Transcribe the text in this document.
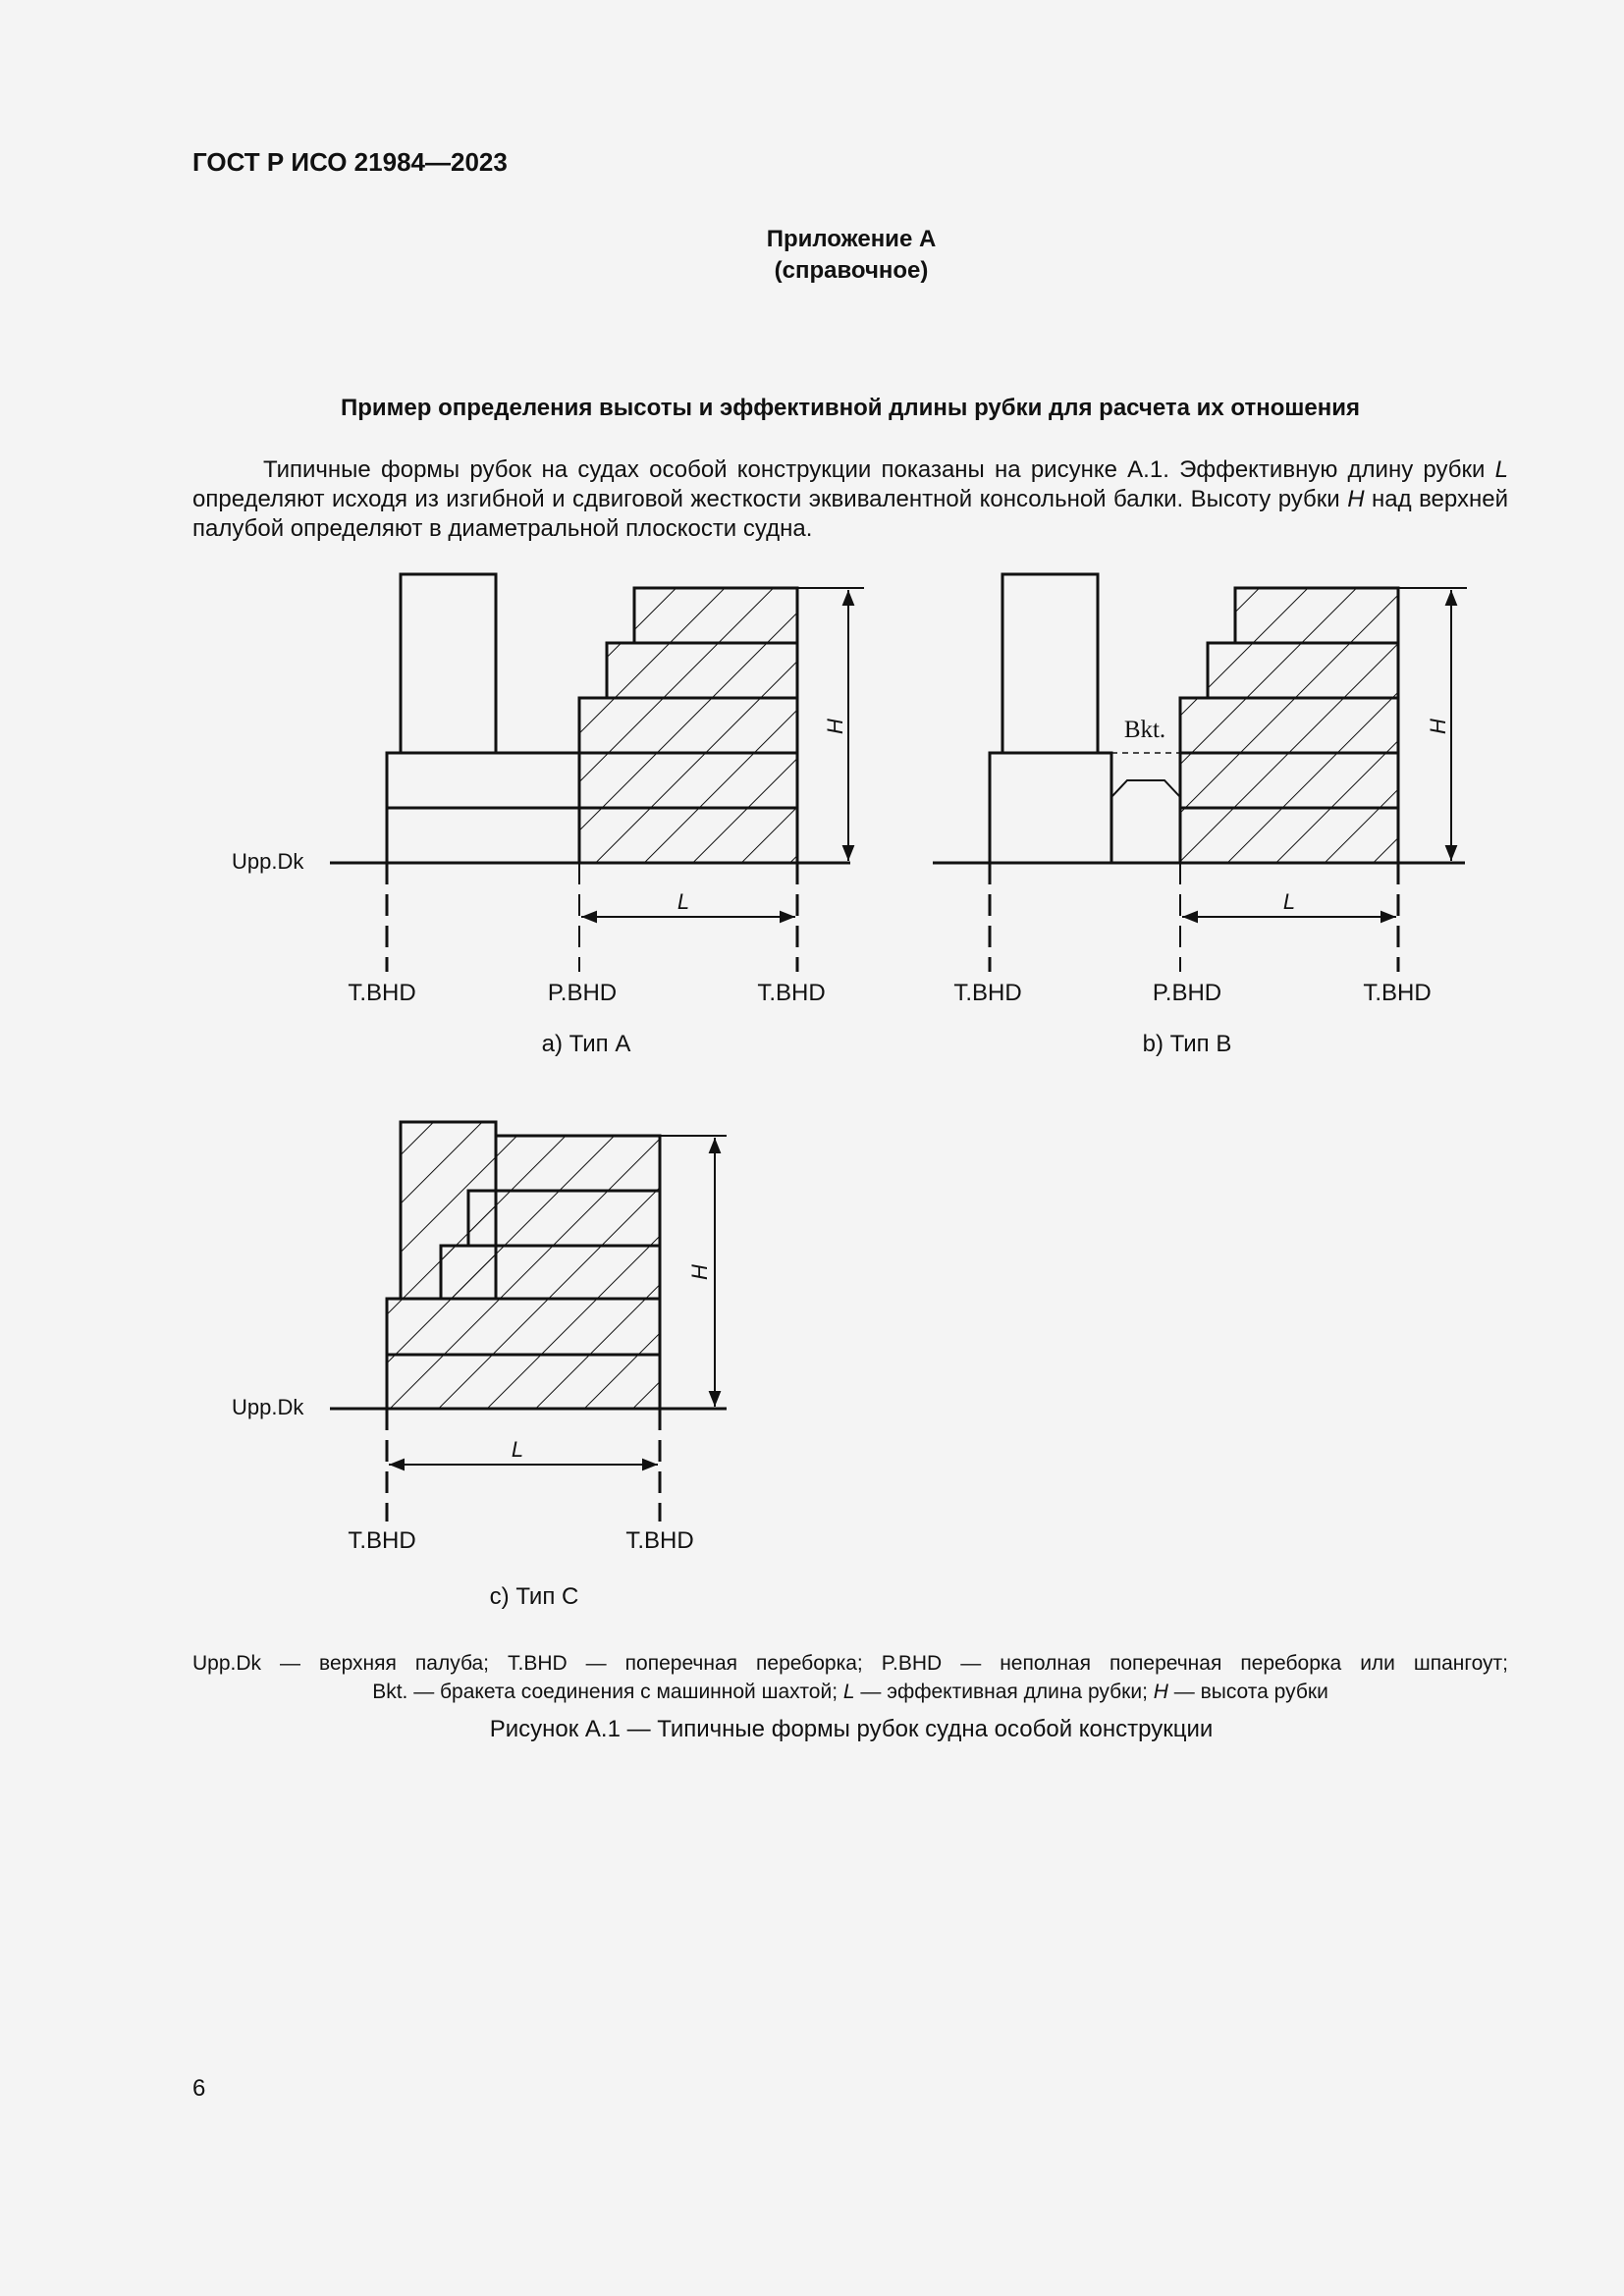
ГОСТ Р ИСО 21984—2023
Приложение А
(справочное)
Пример определения высоты и эффективной длины рубки для расчета их отношения
Типичные формы рубок на судах особой конструкции показаны на рисунке А.1. Эффективную длину рубки L определяют исходя из изгибной и сдвиговой жесткости эквивалентной консольной балки. Высоту рубки H над верхней палубой определяют в диаметральной плоскости судна.
Upp.Dk
L
H
T.BHD	P.BHD	T.BHD
a) Тип А
Bkt.
L
H
T.BHD	P.BHD	T.BHD
b) Тип В
Upp.Dk
L
H
T.BHD	T.BHD
c) Тип С
Upp.Dk — верхняя палуба; T.BHD — поперечная переборка; P.BHD — неполная поперечная переборка или шпангоут;
Bkt. — бракета соединения с машинной шахтой; L — эффективная длина рубки; H — высота рубки
Рисунок А.1 — Типичные формы рубок судна особой конструкции
6
